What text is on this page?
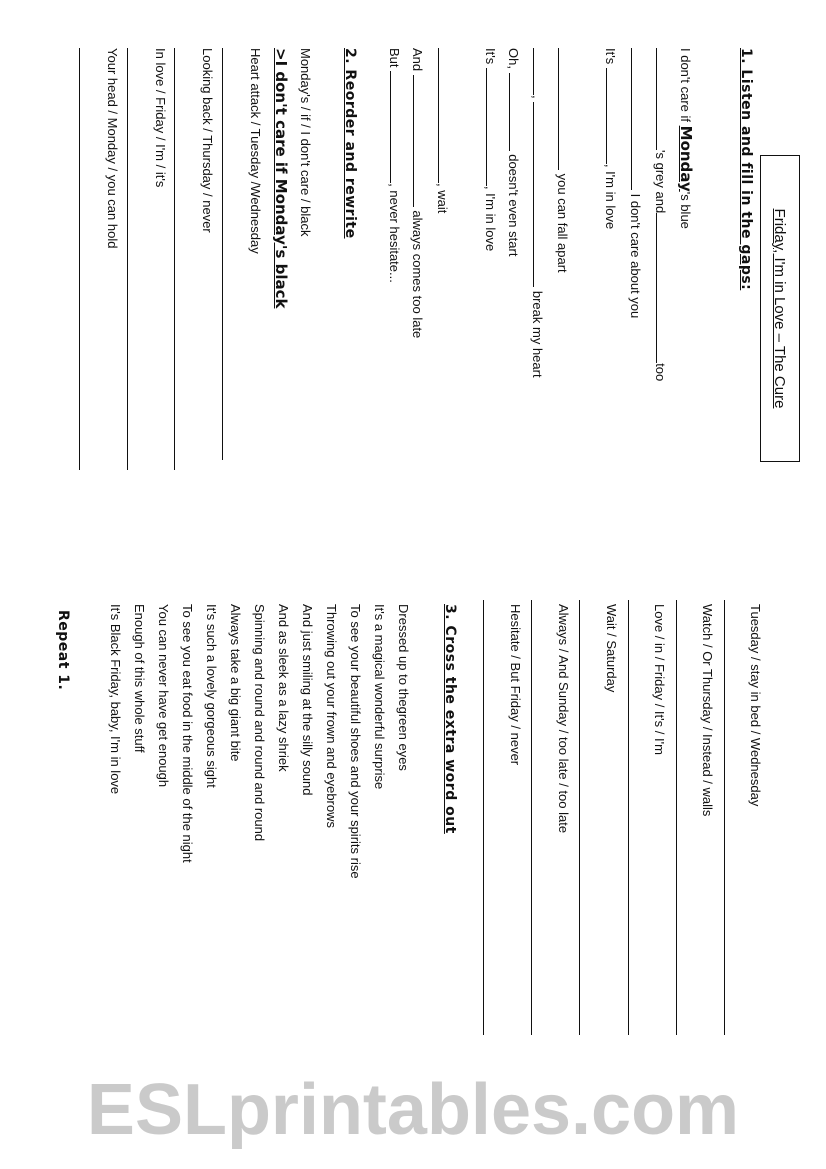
Friday, I'm in Love – The Cure
1. Listen and fill in the gaps:
I don't care if Monday's blue
's grey andtoo
I don't care about you
It's , I'm in love
you can fall apart
,  break my heart
Oh,  doesn't even start
It's , I'm in love
, wait
And  always comes too late
But , never hesitate...
2. Reorder and rewrite
Monday's / if / I don't care / black
>I don't care if Monday's black
Heart attack / Tuesday /Wednesday
Looking back / Thursday / never
In love / Friday / I'm / it's
Your head / Monday / you can hold
Tuesday / stay in bed / Wednesday
Watch / Or Thursday / Instead / walls
Love / in / Friday / It's / I'm
Wait / Saturday
Always / And Sunday / too late / too late
Hesitate / But Friday / never
3. Cross the extra word out
Dressed up to thegreen eyes
It's a magical wonderful surprise
To see your beautiful shoes and your spirits rise
Throwing out your frown and eyebrows
And just smiling at the silly sound
And as sleek as a lazy shriek
Spinning and round and round and round
Always take a big giant bite
It's such a lovely gorgeous sight
To see you eat food in the middle of the night
You can never have get enough
Enough of this whole stuff
It's Black Friday, baby, I'm in love
Repeat 1.
ESLprintables.com
